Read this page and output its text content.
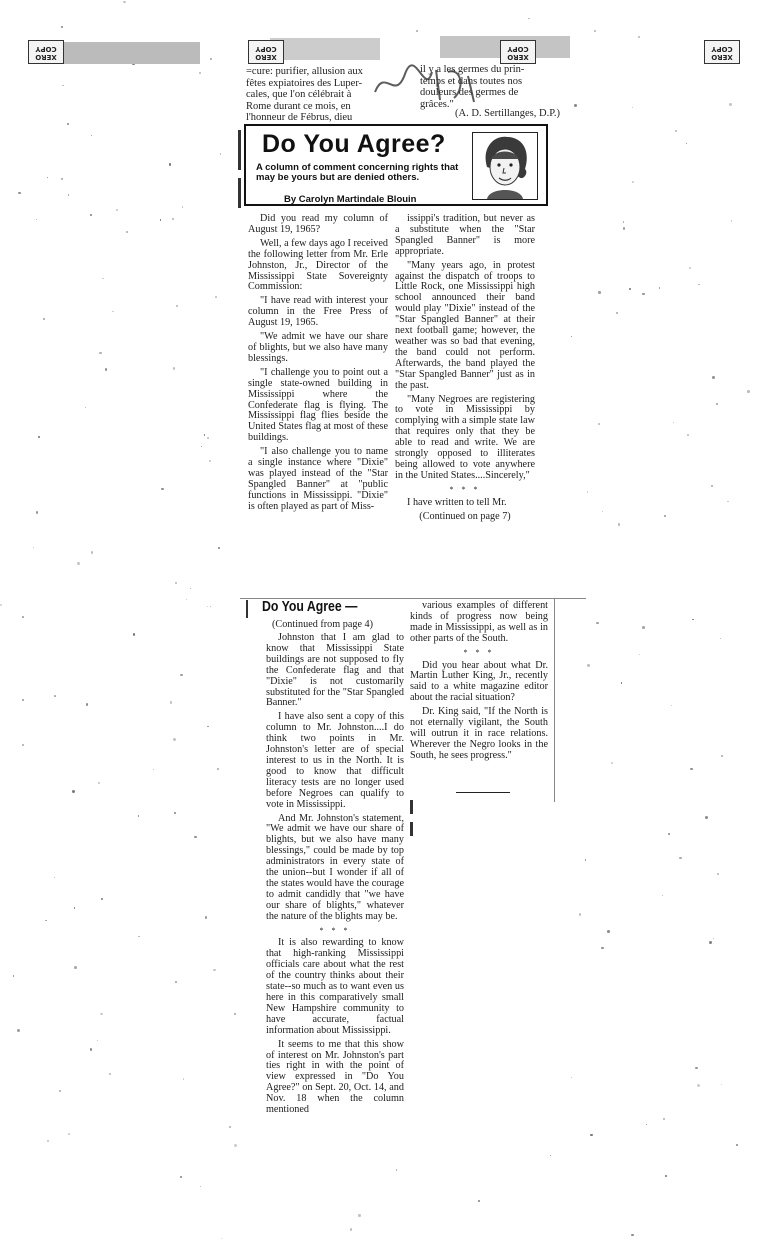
XERO
COPY
XERO
COPY
XERO
COPY
XERO
COPY
=cure: purifier, allusion aux
fêtes expiatoires des Luper-
cales, que l'on célébrait à
Rome durant ce mois, en
l'honneur de Fébrus, dieu
il y a les germes du prin-
temps et dans toutes nos
douleurs des germes de
grâces."
(A. D. Sertillanges, D.P.)
Do You Agree?
A column of comment concerning rights that may be yours but are denied others.
By Carolyn Martindale Blouin

Did you read my column of August 19, 1965?

Well, a few days ago I received the following letter from Mr. Erle Johnston, Jr., Director of the Mississippi State Sovereignty Commission:

"I have read with interest your column in the Free Press of August 19, 1965.

"We admit we have our share of blights, but we also have many blessings.

"I challenge you to point out a single state-owned building in Mississippi where the Confederate flag is flying. The Mississippi flag flies beside the United States flag at most of these buildings.

"I also challenge you to name a single instance where "Dixie" was played instead of the "Star Spangled Banner" at "public functions in Mississippi. "Dixie" is often played as part of Miss-

issippi's tradition, but never as a substitute when the "Star Spangled Banner" is more appropriate.

"Many years ago, in protest against the dispatch of troops to Little Rock, one Mississippi high school announced their band would play "Dixie" instead of the "Star Spangled Banner" at their next football game; however, the weather was so bad that evening, the band could not perform. Afterwards, the band played the "Star Spangled Banner" just as in the past.

"Many Negroes are registering to vote in Mississippi by complying with a simple state law that requires only that they be able to read and write. We are strongly opposed to illiterates being allowed to vote anywhere in the United States....Sincerely,"

* * *

I have written to tell Mr.

(Continued on page 7)

Do You Agree —
(Continued from page 4)

Johnston that I am glad to know that Mississippi State buildings are not supposed to fly the Confederate flag and that "Dixie" is not customarily substituted for the "Star Spangled Banner."

I have also sent a copy of this column to Mr. Johnston....I do think two points in Mr. Johnston's letter are of special interest to us in the North. It is good to know that difficult literacy tests are no longer used before Negroes can qualify to vote in Mississippi.

And Mr. Johnston's statement, "We admit we have our share of blights, but we also have many blessings," could be made by top administrators in every state of the union--but I wonder if all of the states would have the courage to admit candidly that "we have our share of blights," whatever the nature of the blights may be.

* * *

It is also rewarding to know that high-ranking Mississippi officials care about what the rest of the country thinks about their state--so much as to want even us here in this comparatively small New Hampshire community to have accurate, factual information about Mississippi.

It seems to me that this show of interest on Mr. Johnston's part ties right in with the point of view expressed in "Do You Agree?" on Sept. 20, Oct. 14, and Nov. 18 when the column mentioned

various examples of different kinds of progress now being made in Mississippi, as well as in other parts of the South.

* * *

Did you hear about what Dr. Martin Luther King, Jr., recently said to a white magazine editor about the racial situation?

Dr. King said, "If the North is not eternally vigilant, the South will outrun it in race relations. Wherever the Negro looks in the South, he sees progress."
